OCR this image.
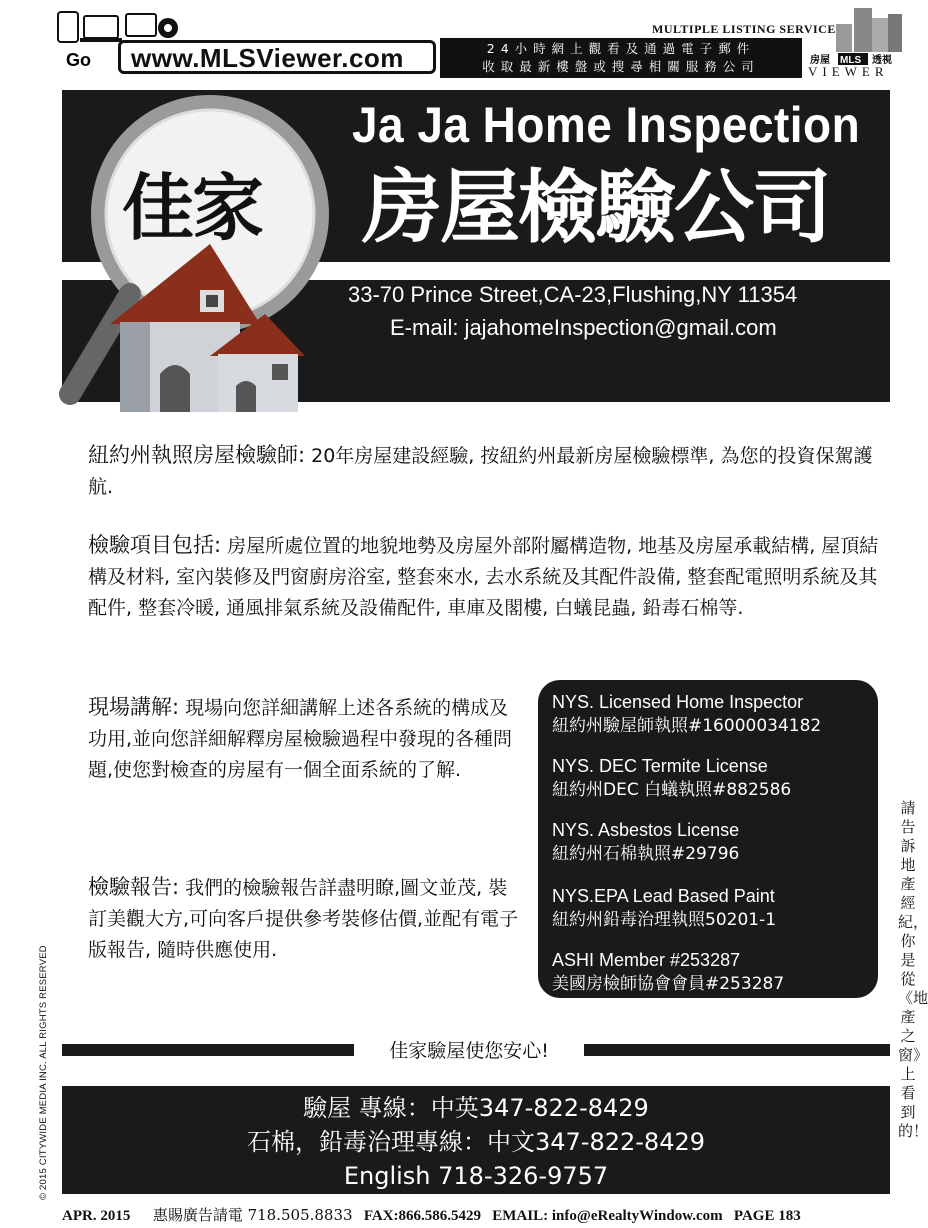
Go	www.MLSViewer.com
MULTIPLE LISTING SERVICE
24小時網上觀看及通過電子郵件
收取最新樓盤或搜尋相關服務公司	房屋 MLS 透視
VIEWER
Ja Ja Home Inspection
房屋檢驗公司
33-70 Prince Street,CA-23,Flushing,NY 11354
E-mail: jajahomeInspection@gmail.com
佳家
紐約州執照房屋檢驗師: 20年房屋建設經驗, 按紐約州最新房屋檢驗標準, 為您的投資保駕護航.
檢驗項目包括: 房屋所處位置的地貌地勢及房屋外部附屬構造物, 地基及房屋承載結構, 屋頂結構及材料, 室內裝修及門窗廚房浴室, 整套來水, 去水系統及其配件設備, 整套配電照明系統及其配件, 整套冷暖, 通風排氣系統及設備配件, 車庫及閣樓, 白蟻昆蟲, 鉛毒石棉等.
現場講解: 現場向您詳細講解上述各系統的構成及功用,並向您詳細解釋房屋檢驗過程中發現的各種問題,使您對檢查的房屋有一個全面系統的了解.
檢驗報告: 我們的檢驗報告詳盡明瞭,圖文並茂, 裝訂美觀大方,可向客戶提供參考裝修估價,並配有電子版報告, 隨時供應使用.
NYS. Licensed Home Inspector
紐約州驗屋師執照#16000034182
NYS. DEC Termite License
紐約州DEC 白蟻執照#882586
NYS. Asbestos License
紐約州石棉執照#29796
NYS.EPA Lead Based Paint
紐約州鉛毒治理執照50201-1
ASHI Member #253287
美國房檢師協會會員#253287
佳家驗屋使您安心!
驗屋 專線：中英347-822-8429
石棉，鉛毒治理專線：中文347-822-8429
English 718-326-9757
© 2015 CITYWIDE MEDIA INC. ALL RIGHTS RESERVED
請告訴地產經紀，你是從《地產之窗》上看到的！
APR. 2015 惠賜廣告請電 718.505.8833 FAX:866.586.5429 EMAIL: info@eRealtyWindow.com PAGE 183
